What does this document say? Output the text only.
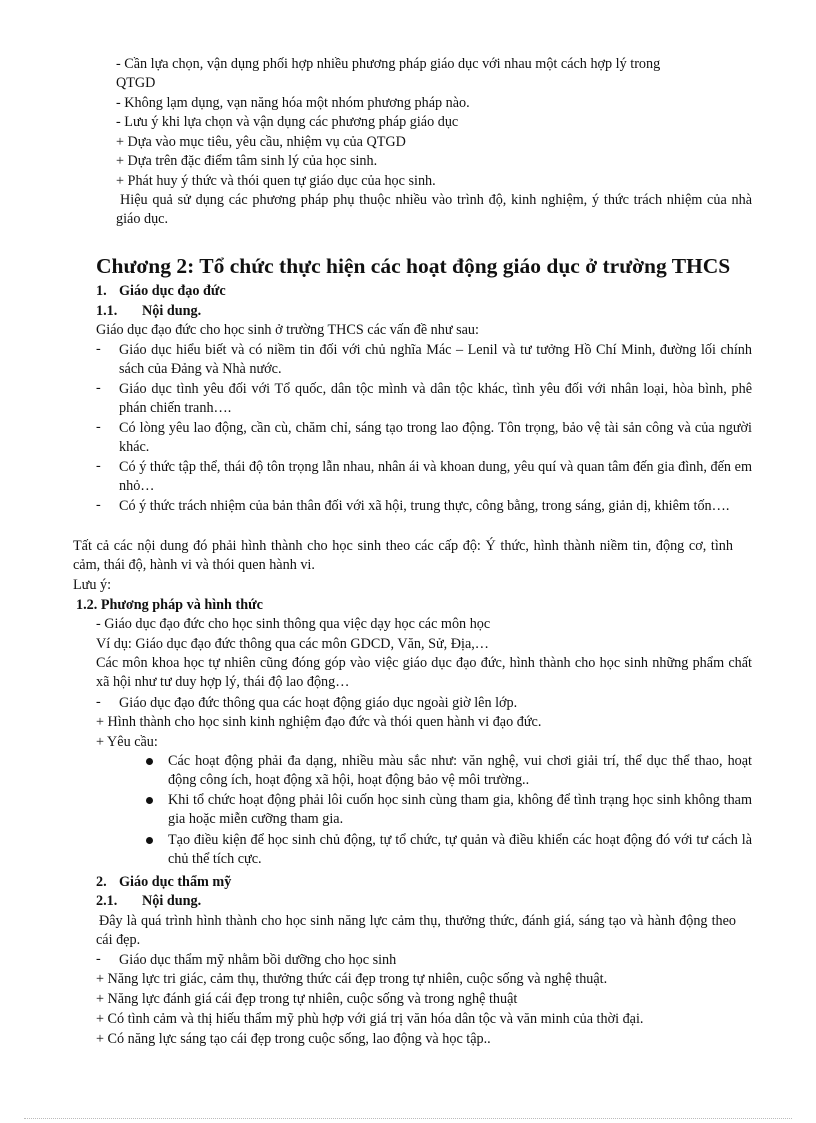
- Cần lựa chọn, vận dụng phối hợp nhiều phương pháp giáo dục với nhau một cách hợp lý trong
QTGD
- Không lạm dụng, vạn năng hóa một nhóm phương pháp nào.
- Lưu ý khi lựa chọn và vận dụng các phương pháp giáo dục
+ Dựa vào mục tiêu, yêu cầu, nhiệm vụ của QTGD
+ Dựa trên đặc điểm tâm sinh lý của học sinh.
+ Phát huy ý thức và thói quen tự giáo dục của học sinh.
Hiệu quả sử dụng các phương pháp phụ thuộc nhiều vào trình độ, kinh nghiệm, ý thức trách nhiệm của nhà giáo dục.
Chương 2: Tổ chức thực hiện các hoạt động giáo dục ở trường THCS
1. Giáo dục đạo đức
1.1. Nội dung.
Giáo dục đạo đức cho học sinh ở trường THCS các vấn đề như sau:
- Giáo dục hiểu biết và có niềm tin đối với chủ nghĩa Mác – Lenil và tư tưởng Hồ Chí Minh, đường lối chính sách của Đảng và Nhà nước.
- Giáo dục tình yêu đối với Tổ quốc, dân tộc mình và dân tộc khác, tình yêu đối với nhân loại, hòa bình, phê phán chiến tranh….
- Có lòng yêu lao động, cần cù, chăm chỉ, sáng tạo trong lao động. Tôn trọng, bảo vệ tài sản công và của người khác.
- Có ý thức tập thể, thái độ tôn trọng lẫn nhau, nhân ái và khoan dung, yêu quí và quan tâm đến gia đình, đến em nhỏ…
- Có ý thức trách nhiệm của bản thân đối với xã hội, trung thực, công bằng, trong sáng, giản dị, khiêm tốn….
Tất cả các nội dung đó phải hình thành cho học sinh theo các cấp độ: Ý thức, hình thành niềm tin, động cơ, tình cảm, thái độ, hành vi và thói quen hành vi.
Lưu ý:
1.2. Phương pháp và hình thức
- Giáo dục đạo đức cho học sinh thông qua việc dạy học các môn học
Ví dụ: Giáo dục đạo đức thông qua các môn GDCD, Văn, Sử, Địa,…
Các môn khoa học tự nhiên cũng đóng góp vào việc giáo dục đạo đức, hình thành cho học sinh những phẩm chất xã hội như tư duy hợp lý, thái độ lao động…
- Giáo dục đạo đức thông qua các hoạt động giáo dục ngoài giờ lên lớp.
+ Hình thành cho học sinh kinh nghiệm đạo đức và thói quen hành vi đạo đức.
+ Yêu cầu:
Các hoạt động phải đa dạng, nhiều màu sắc như: văn nghệ, vui chơi giải trí, thể dục thể thao, hoạt động công ích, hoạt động xã hội, hoạt động bảo vệ môi trường..
Khi tổ chức hoạt động phải lôi cuốn học sinh cùng tham gia, không để tình trạng học sinh không tham gia hoặc miễn cưỡng tham gia.
Tạo điều kiện để học sinh chủ động, tự tổ chức, tự quản và điều khiển các hoạt động đó với tư cách là chủ thể tích cực.
2. Giáo dục thẩm mỹ
2.1. Nội dung.
Đây là quá trình hình thành cho học sinh năng lực cảm thụ, thưởng thức, đánh giá, sáng tạo và hành động theo cái đẹp.
- Giáo dục thẩm mỹ nhằm bồi dưỡng cho học sinh
+ Năng lực tri giác, cảm thụ, thưởng thức cái đẹp trong tự nhiên, cuộc sống và nghệ thuật.
+ Năng lực đánh giá cái đẹp trong tự nhiên, cuộc sống và trong nghệ thuật
+ Có tình cảm và thị hiếu thẩm mỹ phù hợp với giá trị văn hóa dân tộc và văn minh của thời đại.
+ Có năng lực sáng tạo cái đẹp trong cuộc sống, lao động và học tập..
